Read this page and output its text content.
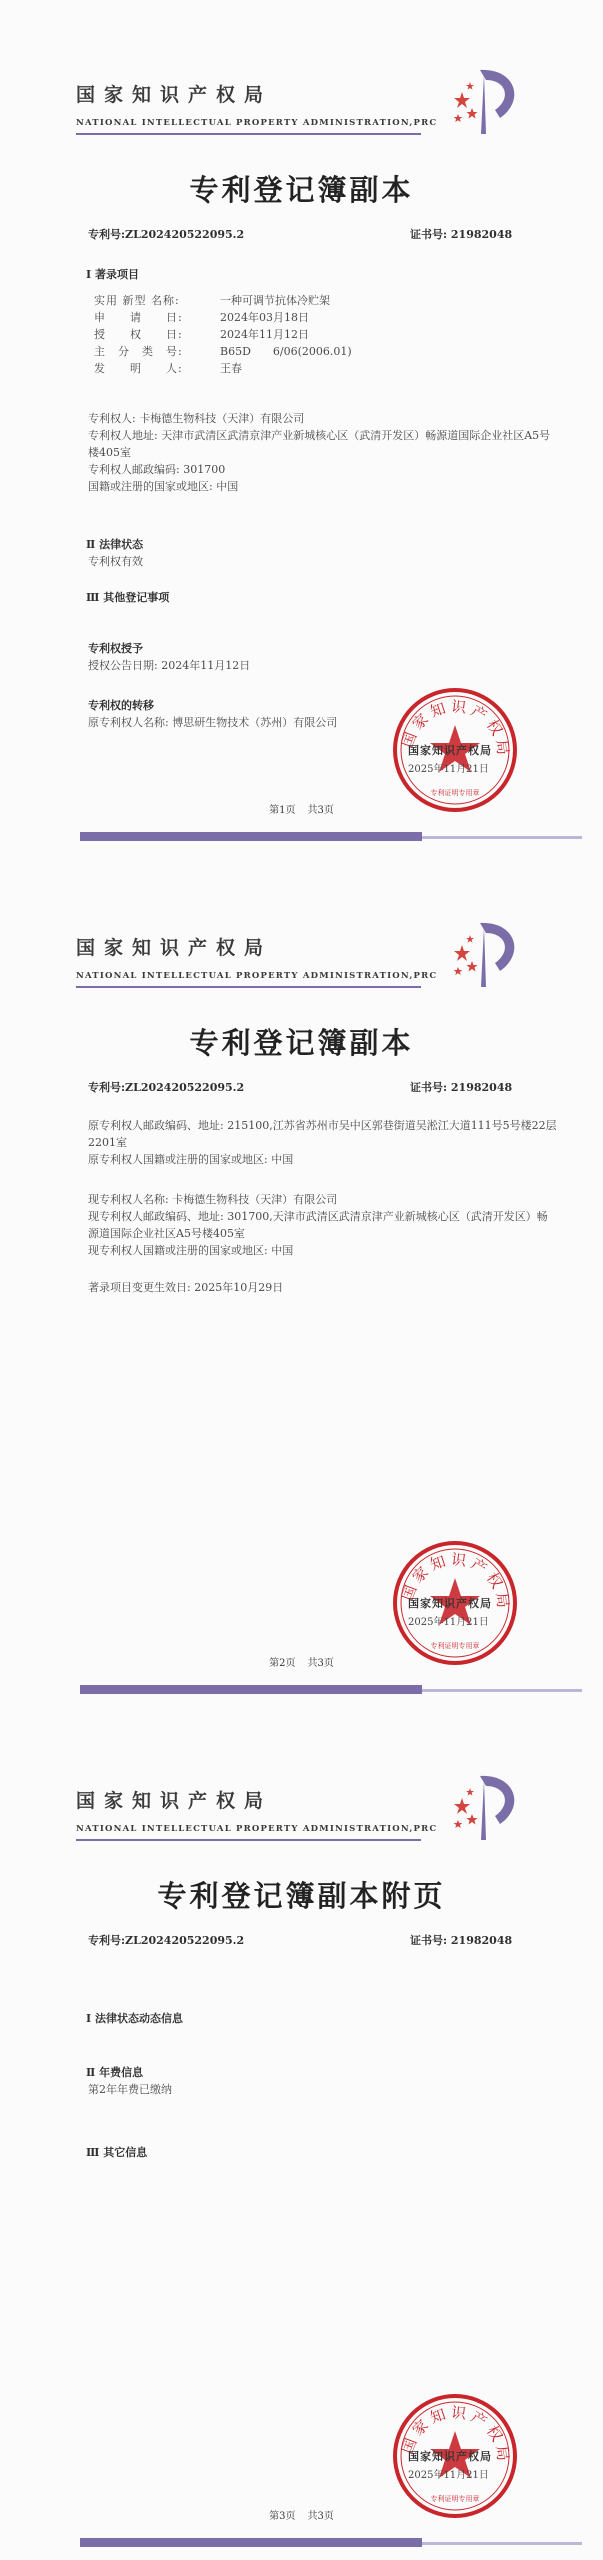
国家知识产权局
NATIONAL INTELLECTUAL PROPERTY ADMINISTRATION,PRC
专利登记簿副本
专利号:ZL202420522095.2	证书号: 21982048
Ⅰ 著录项目
实用 新型 名称:	一种可调节抗体冷贮架
申　　请　　日:	2024年03月18日
授　　权　　日:	2024年11月12日
主　分　类　号:	B65D　　6/06(2006.01)
发　　明　　人:	王春
专利权人: 卡梅德生物科技（天津）有限公司
专利权人地址: 天津市武清区武清京津产业新城核心区（武清开发区）畅源道国际企业社区A5号楼405室
专利权人邮政编码: 301700
国籍或注册的国家或地区: 中国
Ⅱ 法律状态
专利权有效
Ⅲ 其他登记事项
专利权授予
授权公告日期: 2024年11月12日
专利权的转移
原专利权人名称: 博思研生物技术（苏州）有限公司
国家知识产权局
专利证明专用章
国家知识产权局
2025年11月21日
第1页 共3页
国家知识产权局
NATIONAL INTELLECTUAL PROPERTY ADMINISTRATION,PRC
专利登记簿副本
专利号:ZL202420522095.2	证书号: 21982048
原专利权人邮政编码、地址: 215100,江苏省苏州市吴中区郭巷街道吴淞江大道111号5号楼22层2201室
原专利权人国籍或注册的国家或地区: 中国
现专利权人名称: 卡梅德生物科技（天津）有限公司
现专利权人邮政编码、地址: 301700,天津市武清区武清京津产业新城核心区（武清开发区）畅源道国际企业社区A5号楼405室
现专利权人国籍或注册的国家或地区: 中国
著录项目变更生效日: 2025年10月29日
国家知识产权局
专利证明专用章
国家知识产权局
2025年11月21日
第2页 共3页
国家知识产权局
NATIONAL INTELLECTUAL PROPERTY ADMINISTRATION,PRC
专利登记簿副本附页
专利号:ZL202420522095.2	证书号: 21982048
Ⅰ 法律状态动态信息
Ⅱ 年费信息
第2年年费已缴纳
Ⅲ 其它信息
国家知识产权局
专利证明专用章
国家知识产权局
2025年11月21日
第3页 共3页
